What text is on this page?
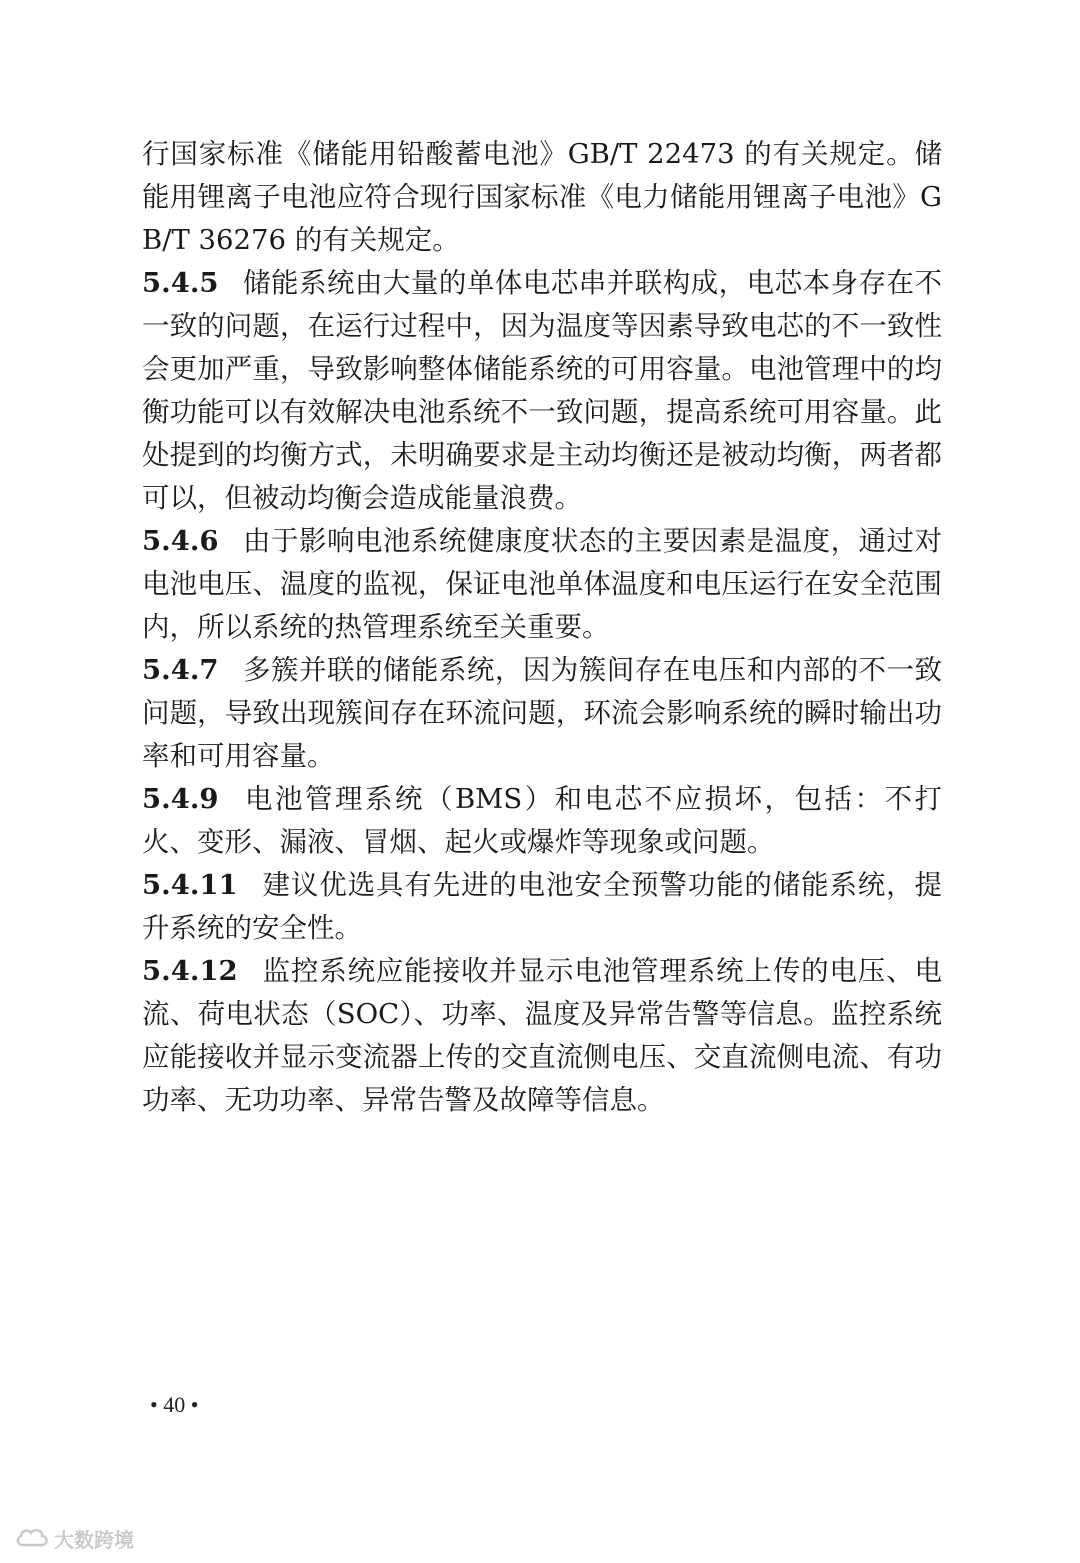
行国家标准《储能用铅酸蓄电池》GB/T 22473 的有关规定。储能用锂离子电池应符合现行国家标准《电力储能用锂离子电池》GB/T 36276 的有关规定。

5.4.5 储能系统由大量的单体电芯串并联构成，电芯本身存在不一致的问题，在运行过程中，因为温度等因素导致电芯的不一致性会更加严重，导致影响整体储能系统的可用容量。电池管理中的均衡功能可以有效解决电池系统不一致问题，提高系统可用容量。此处提到的均衡方式，未明确要求是主动均衡还是被动均衡，两者都可以，但被动均衡会造成能量浪费。

5.4.6 由于影响电池系统健康度状态的主要因素是温度，通过对电池电压、温度的监视，保证电池单体温度和电压运行在安全范围内，所以系统的热管理系统至关重要。

5.4.7 多簇并联的储能系统，因为簇间存在电压和内部的不一致问题，导致出现簇间存在环流问题，环流会影响系统的瞬时输出功率和可用容量。

5.4.9 电池管理系统（BMS）和电芯不应损坏，包括：不打火、变形、漏液、冒烟、起火或爆炸等现象或问题。

5.4.11 建议优选具有先进的电池安全预警功能的储能系统，提升系统的安全性。

5.4.12 监控系统应能接收并显示电池管理系统上传的电压、电流、荷电状态（SOC）、功率、温度及异常告警等信息。监控系统应能接收并显示变流器上传的交直流侧电压、交直流侧电流、有功功率、无功功率、异常告警及故障等信息。

• 40 •
大数跨境
